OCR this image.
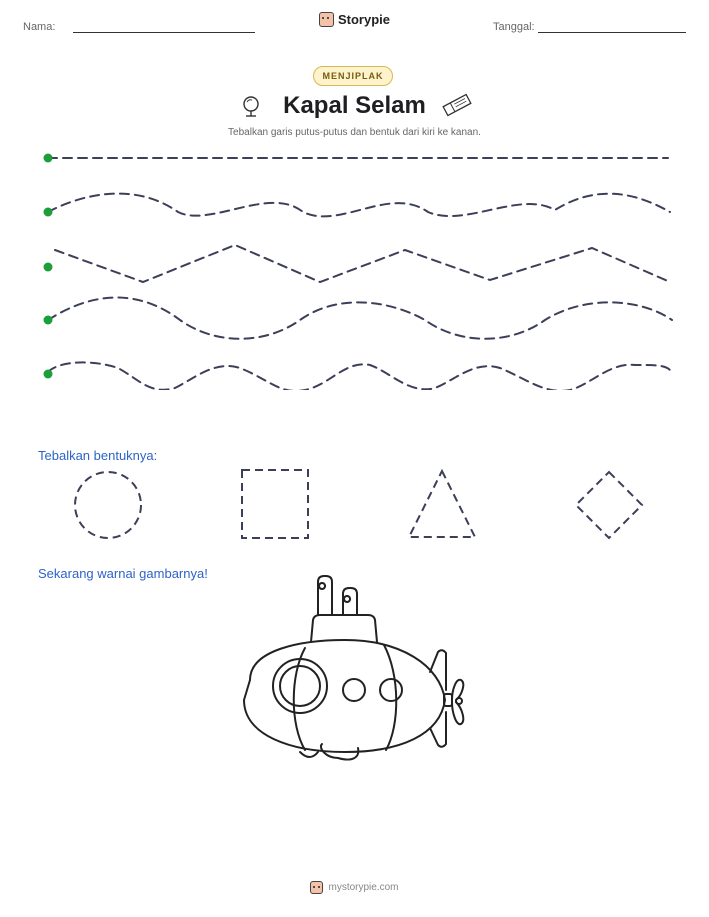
Nama:	Storypie	Tanggal:
MENJIPLAK
Kapal Selam
Tebalkan garis putus-putus dan bentuk dari kiri ke kanan.
Tebalkan bentuknya:
Sekarang warnai gambarnya!
mystorypie.com
